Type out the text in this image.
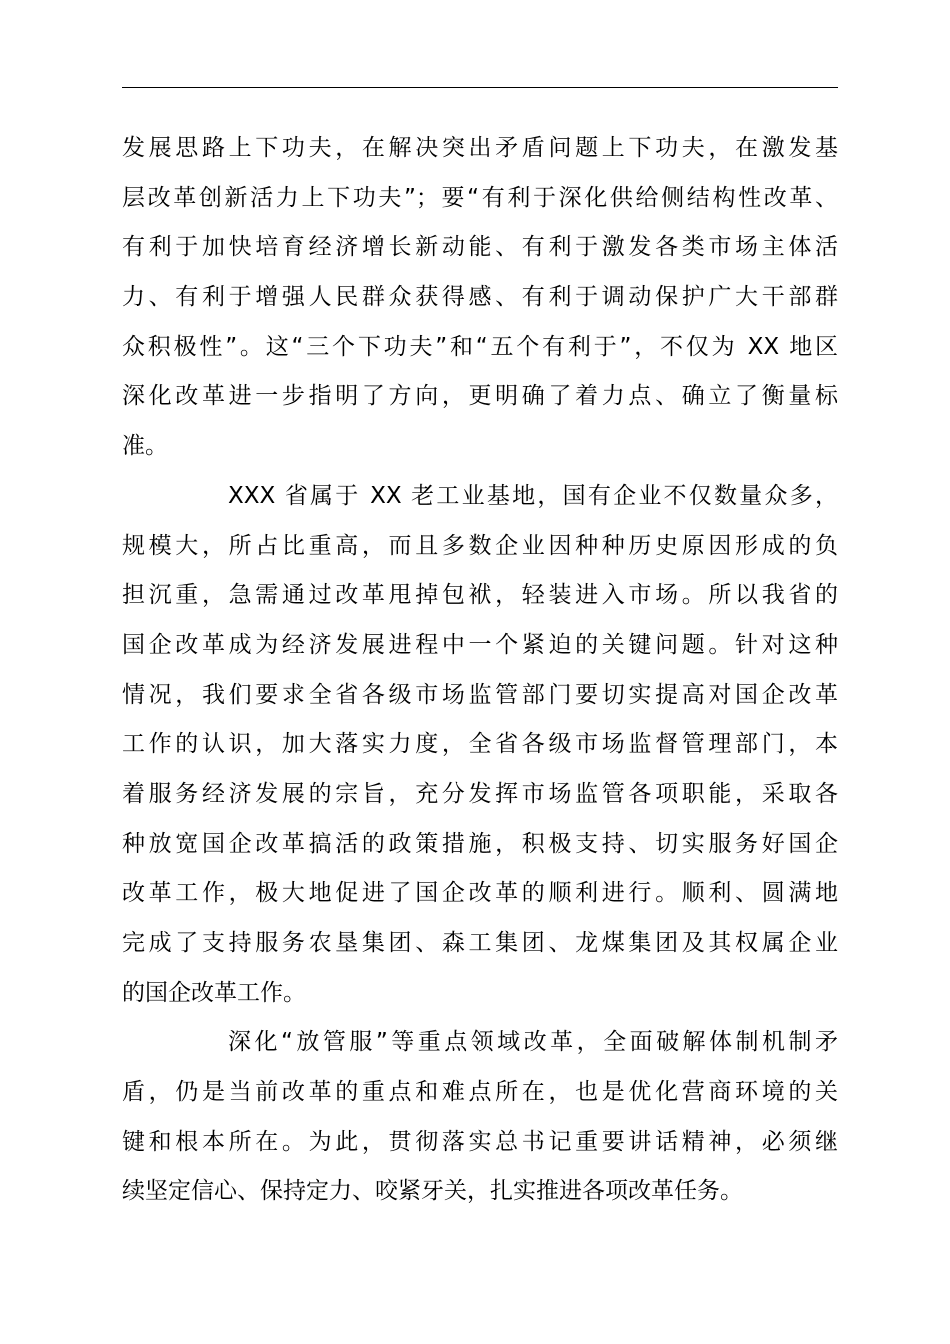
发展思路上下功夫，在解决突出矛盾问题上下功夫，在激发基
层改革创新活力上下功夫”；要“有利于深化供给侧结构性改革、
有利于加快培育经济增长新动能、有利于激发各类市场主体活
力、有利于增强人民群众获得感、有利于调动保护广大干部群
众积极性”。这“三个下功夫”和“五个有利于”，不仅为 XX 地区
深化改革进一步指明了方向，更明确了着力点、确立了衡量标
准。
XXX 省属于 XX 老工业基地，国有企业不仅数量众多，
规模大，所占比重高，而且多数企业因种种历史原因形成的负
担沉重，急需通过改革甩掉包袱，轻装进入市场。所以我省的
国企改革成为经济发展进程中一个紧迫的关键问题。针对这种
情况，我们要求全省各级市场监管部门要切实提高对国企改革
工作的认识，加大落实力度，全省各级市场监督管理部门，本
着服务经济发展的宗旨，充分发挥市场监管各项职能，采取各
种放宽国企改革搞活的政策措施，积极支持、切实服务好国企
改革工作，极大地促进了国企改革的顺利进行。顺利、圆满地
完成了支持服务农垦集团、森工集团、龙煤集团及其权属企业
的国企改革工作。
深化“放管服”等重点领域改革，全面破解体制机制矛
盾，仍是当前改革的重点和难点所在，也是优化营商环境的关
键和根本所在。为此，贯彻落实总书记重要讲话精神，必须继
续坚定信心、保持定力、咬紧牙关，扎实推进各项改革任务。
